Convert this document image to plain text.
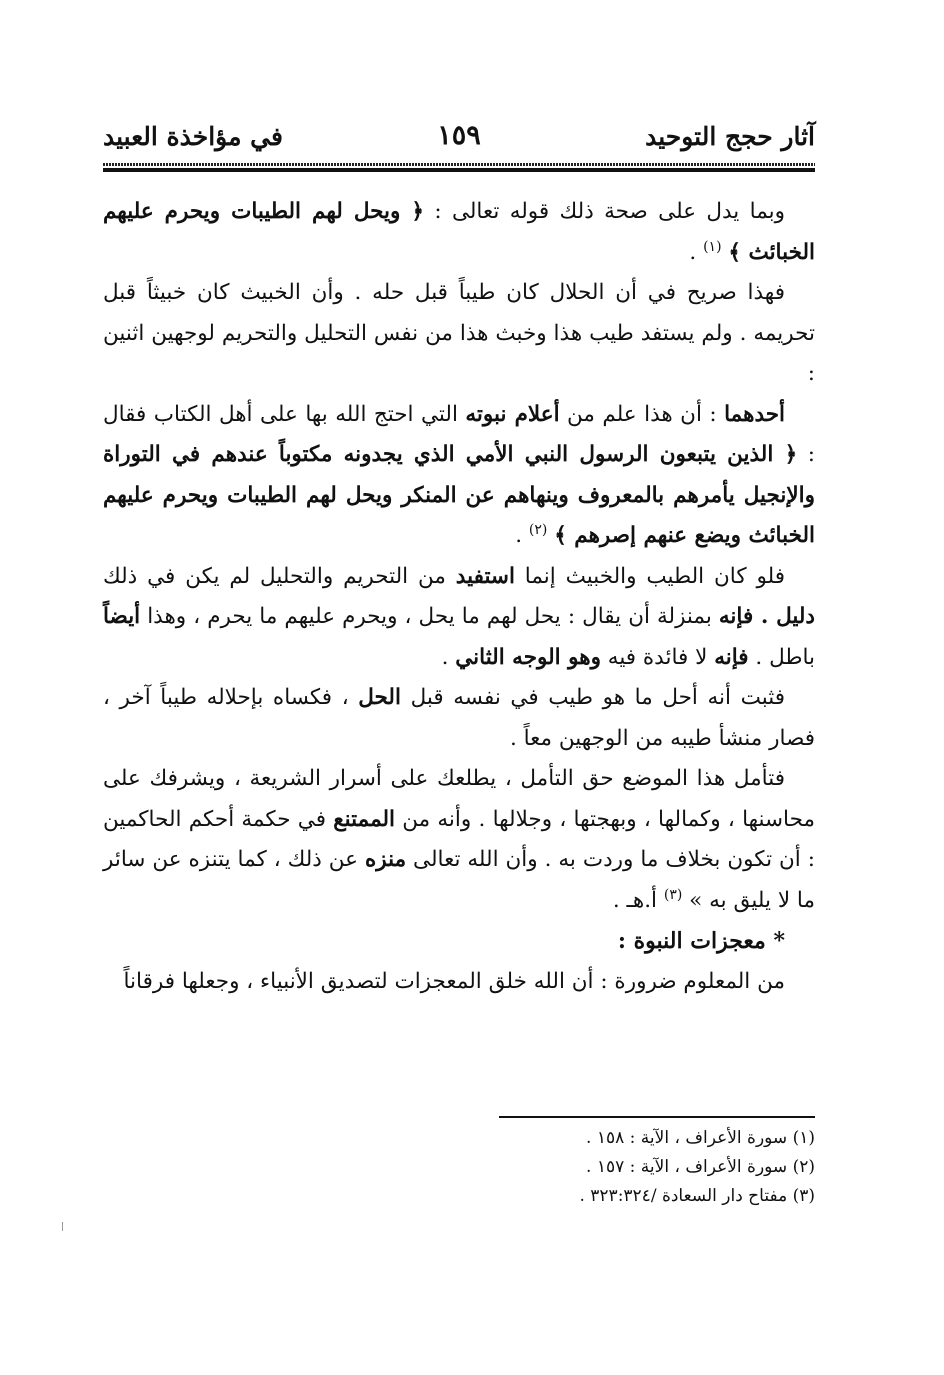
آثار حجج التوحيد
١٥٩
في مؤاخذة العبيد

وبما يدل على صحة ذلك قوله تعالى : ﴿ ويحل لهم الطيبات ويحرم عليهم الخبائث ﴾ $^{(١)}$ .

فهذا صريح في أن الحلال كان طيباً قبل حله . وأن الخبيث كان خبيثاً قبل تحريمه . ولم يستفد طيب هذا وخبث هذا من نفس التحليل والتحريم لوجهين اثنين :

أحدهما : أن هذا علم من أعلام نبوته التي احتج الله بها على أهل الكتاب فقال : ﴿ الذين يتبعون الرسول النبي الأمي الذي يجدونه مكتوباً عندهم في التوراة والإنجيل يأمرهم بالمعروف وينهاهم عن المنكر ويحل لهم الطيبات ويحرم عليهم الخبائث ويضع عنهم إصرهم ﴾ $^{(٢)}$ .

فلو كان الطيب والخبيث إنما استفيد من التحريم والتحليل لم يكن في ذلك دليل . فإنه بمنزلة أن يقال : يحل لهم ما يحل ، ويحرم عليهم ما يحرم ، وهذا أيضاً باطل . فإنه لا فائدة فيه وهو الوجه الثاني .

فثبت أنه أحل ما هو طيب في نفسه قبل الحل ، فكساه بإحلاله طيباً آخر ، فصار منشأ طيبه من الوجهين معاً .

فتأمل هذا الموضع حق التأمل ، يطلعك على أسرار الشريعة ، ويشرفك على محاسنها ، وكمالها ، وبهجتها ، وجلالها . وأنه من الممتنع في حكمة أحكم الحاكمين : أن تكون بخلاف ما وردت به . وأن الله تعالى منزه عن ذلك ، كما يتنزه عن سائر ما لا يليق به » $^{(٣)}$ أ.هـ .

* معجزات النبوة :

من المعلوم ضرورة : أن الله خلق المعجزات لتصديق الأنبياء ، وجعلها فرقاناً

(١) سورة الأعراف ، الآية : ١٥٨ .
(٢) سورة الأعراف ، الآية : ١٥٧ .
(٣) مفتاح دار السعادة /٣٢٣:٣٢٤ .
